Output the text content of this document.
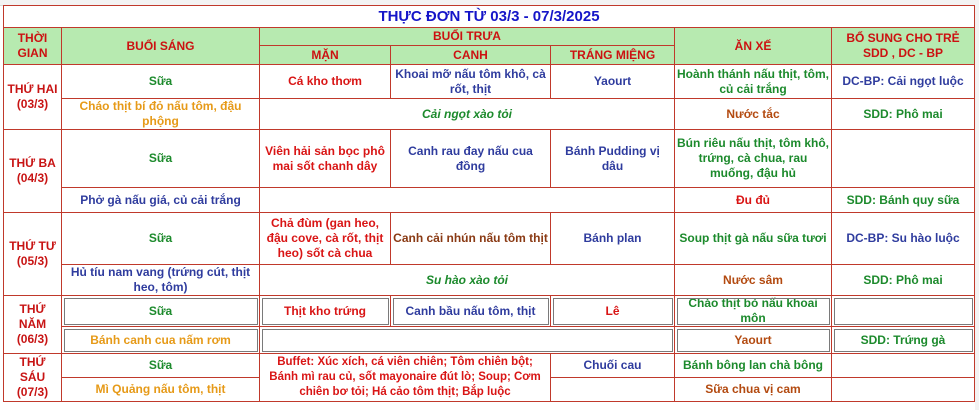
THỰC ĐƠN TỪ 03/3 - 07/3/2025						
THỜI GIAN	BUỔI SÁNG	BUỔI TRƯA			ĂN XẾ	BỔ SUNG CHO TRẺ SDD , DC - BP
		MẶN	CANH	TRÁNG MIỆNG		
THỨ HAI (03/3)	Sữa	Cá kho thơm	Khoai mỡ nấu tôm khô, cà rốt, thịt	Yaourt	Hoành thánh nấu thịt, tôm, củ cải trắng	DC-BP: Cải ngọt luộc
	Cháo thịt bí đỏ nấu tôm, đậu phộng	Cải ngọt xào tỏi			Nước tắc	SDD: Phô mai
THỨ BA (04/3)	Sữa	Viên hải sản bọc phô mai sốt chanh dây	Canh rau đay nấu cua đồng	Bánh Pudding vị dâu	Bún riêu nấu thịt, tôm khô, trứng, cà chua, rau muống, đậu hủ	
	Phở gà nấu giá, củ cải trắng				Đu đủ	SDD: Bánh quy sữa
THỨ TƯ (05/3)	Sữa	Chả đùm (gan heo, đậu cove, cà rốt, thịt heo) sốt cà chua	Canh cải nhún nấu tôm thịt	Bánh plan	Soup thịt gà nấu sữa tươi	DC-BP: Su hào luộc
	Hủ tíu nam vang (trứng cút, thịt heo, tôm)	Su hào xào tỏi			Nước sâm	SDD: Phô mai
THỨ NĂM (06/3)	Sữa	Thịt kho trứng	Canh bầu nấu tôm, thịt	Lê	Cháo thịt bò nấu khoai môn	
	Bánh canh cua nấm rơm				Yaourt	SDD: Trứng gà
THỨ SÁU (07/3)	Sữa	Buffet: Xúc xích, cá viên chiên; Tôm chiên bột; Bánh mì rau củ, sốt mayonaire đút lò; Soup; Cơm chiên bơ tỏi; Há cảo tôm thịt; Bắp luộc		Chuối cau	Bánh bông lan chà bông	
	Mì Quảng nấu tôm, thịt				Sữa chua vị cam	
